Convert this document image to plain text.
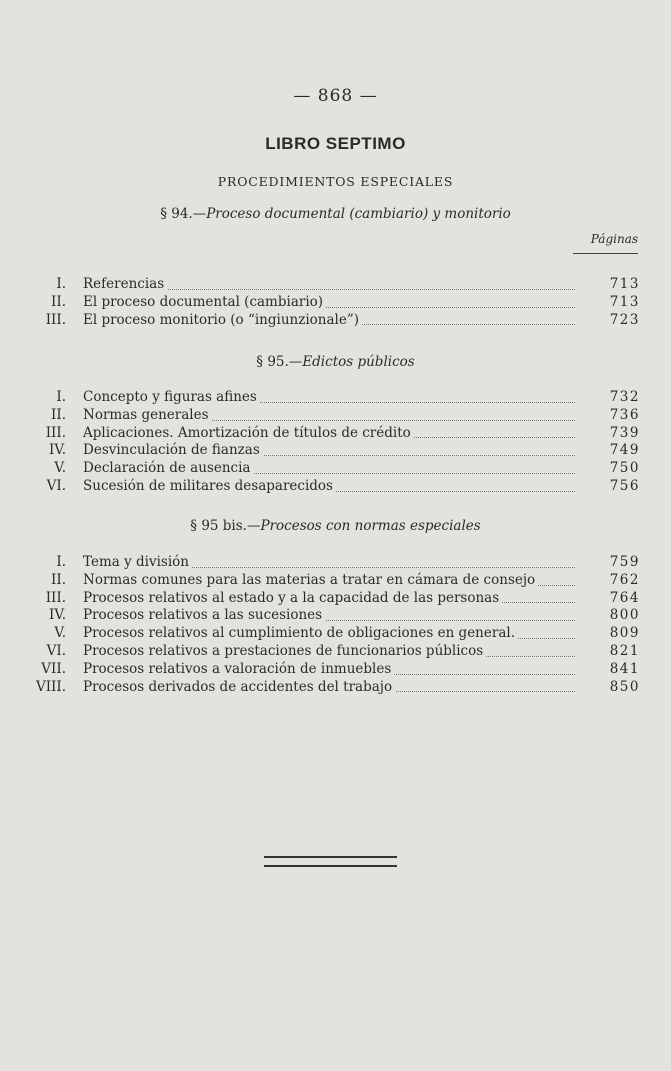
— 868 —
LIBRO SEPTIMO
PROCEDIMIENTOS ESPECIALES
§ 94.—Proceso documental (cambiario) y monitorio
Páginas
I. Referencias	713
II. El proceso documental (cambiario)	713
III. El proceso monitorio (o “ingiunzionale”)	723
§ 95.—Edictos públicos
I. Concepto y figuras afines	732
II. Normas generales	736
III. Aplicaciones. Amortización de títulos de crédito	739
IV. Desvinculación de fianzas	749
V. Declaración de ausencia	750
VI. Sucesión de militares desaparecidos	756
§ 95 bis.—Procesos con normas especiales
I. Tema y división	759
II. Normas comunes para las materias a tratar en cámara de consejo	762
III. Procesos relativos al estado y a la capacidad de las personas	764
IV. Procesos relativos a las sucesiones	800
V. Procesos relativos al cumplimiento de obligaciones en general.	809
VI. Procesos relativos a prestaciones de funcionarios públicos	821
VII. Procesos relativos a valoración de inmuebles	841
VIII. Procesos derivados de accidentes del trabajo	850
